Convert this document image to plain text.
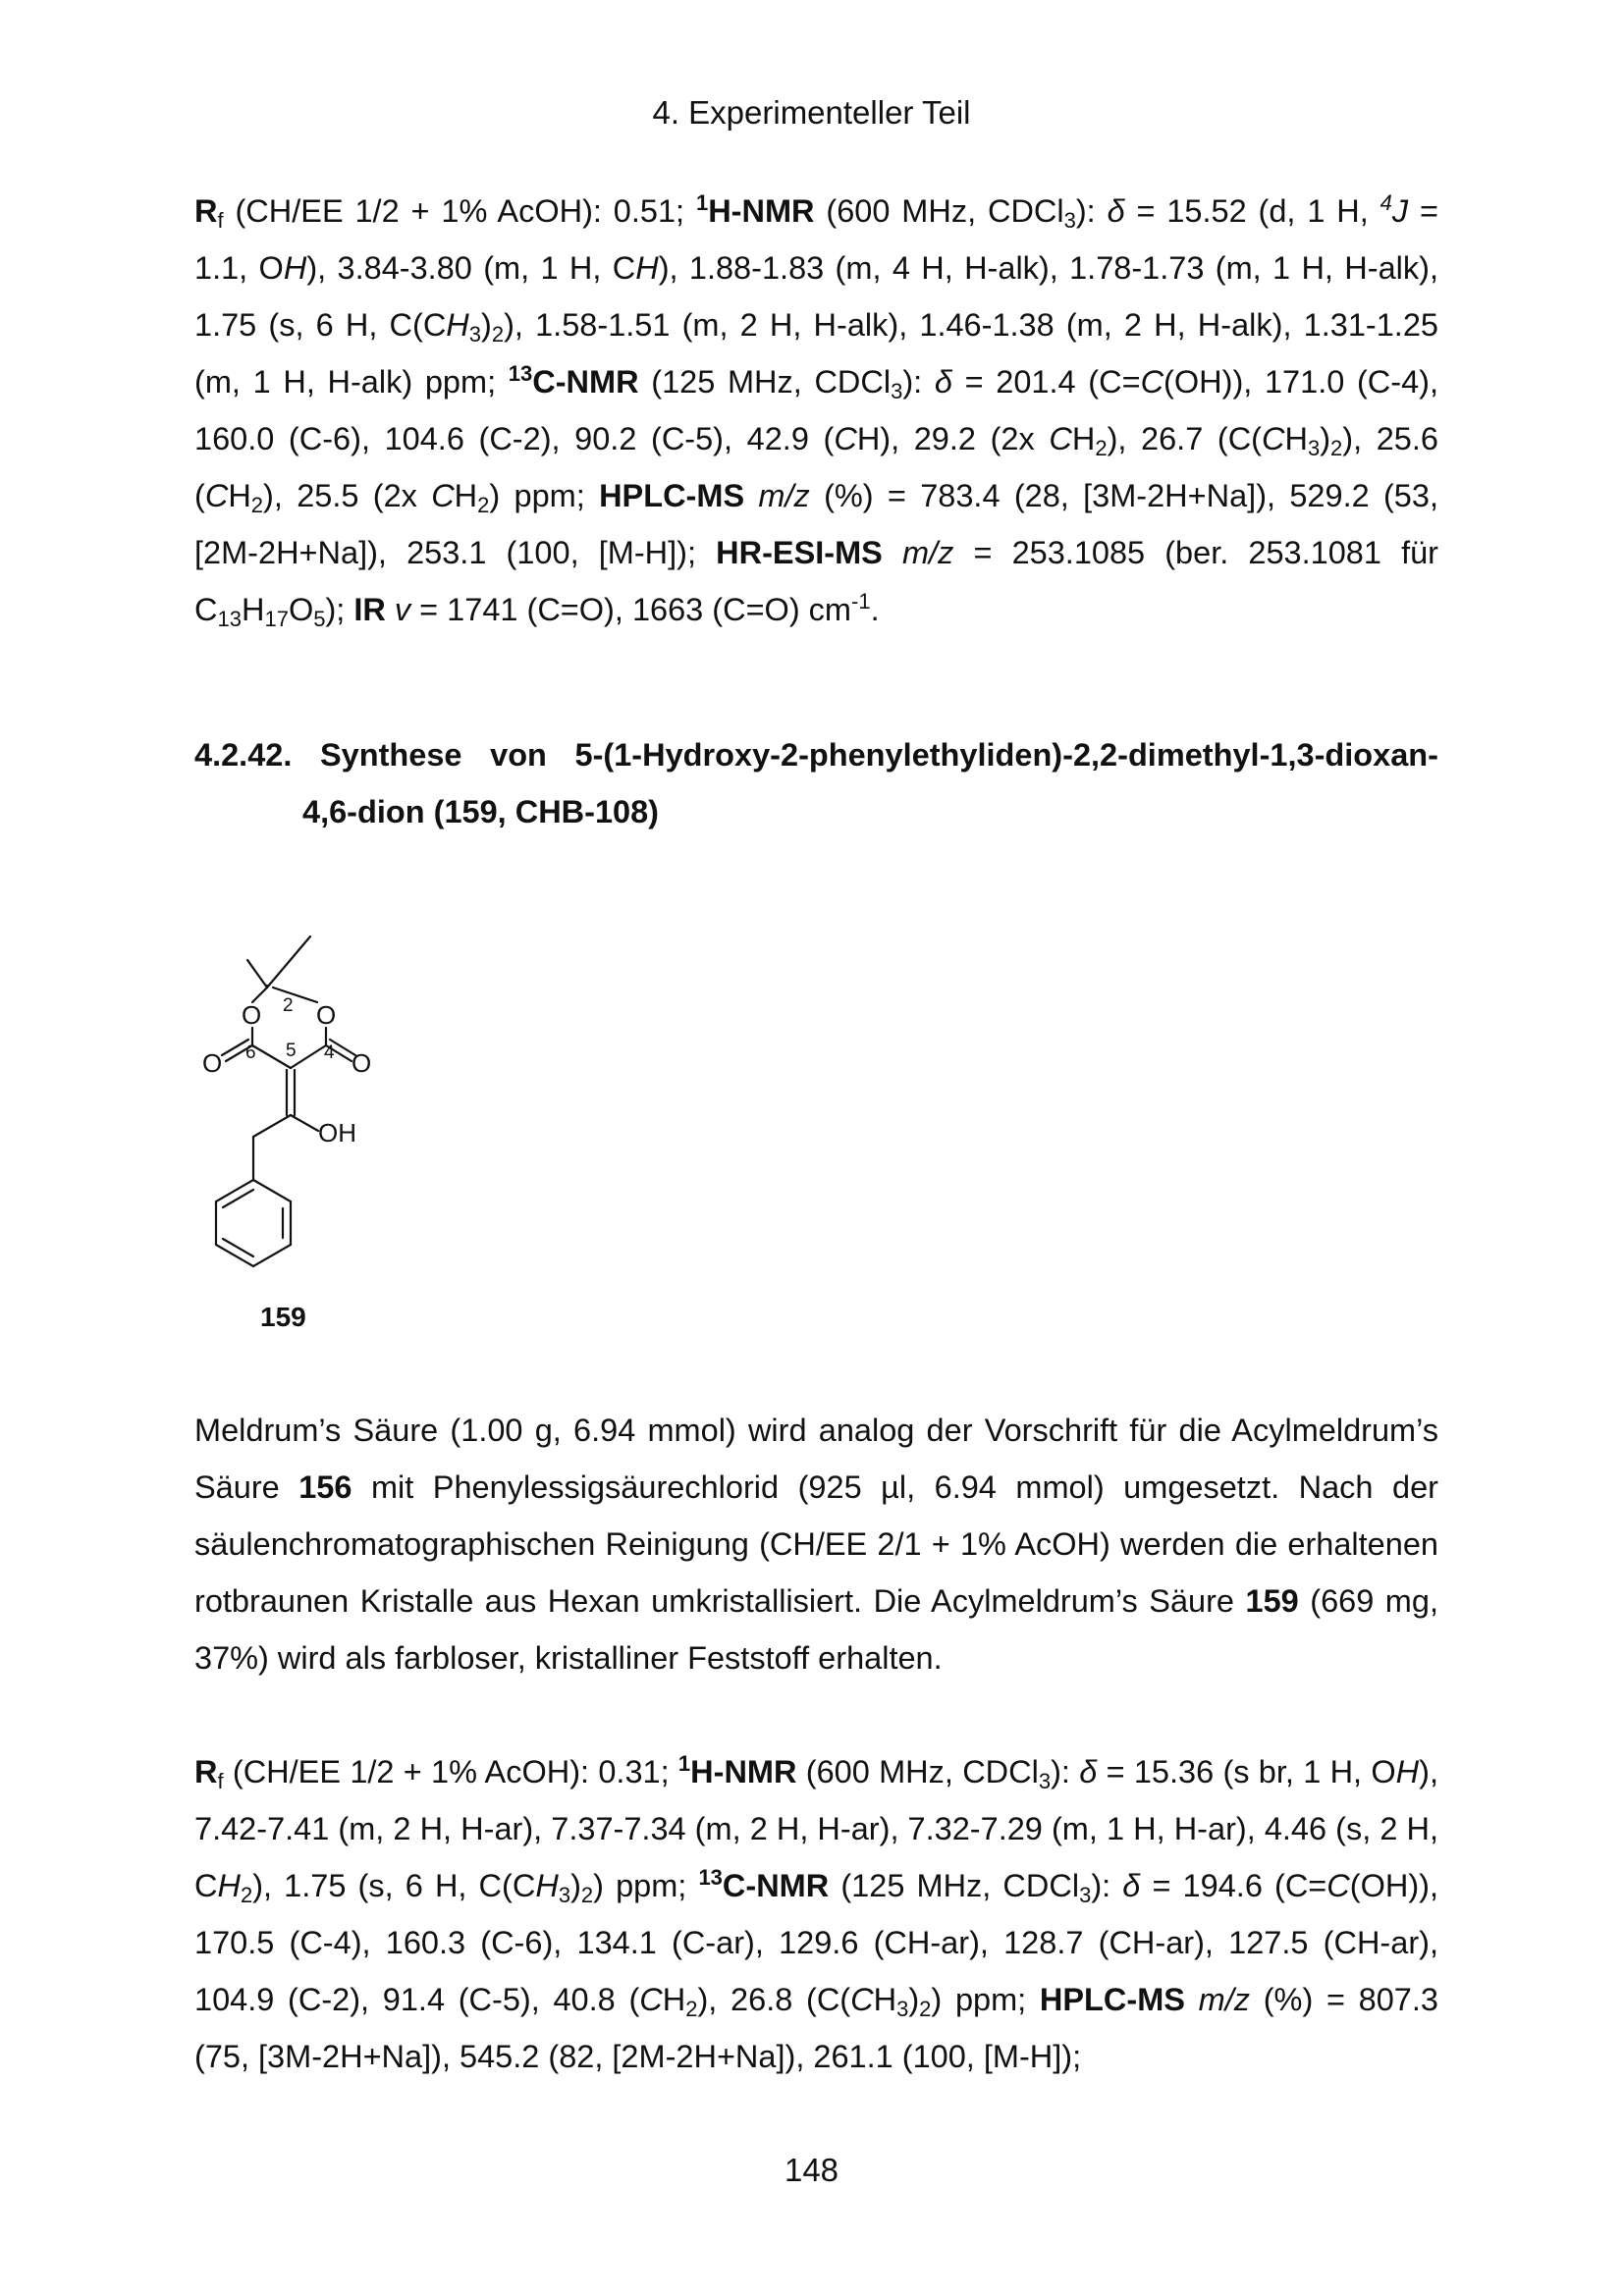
4. Experimenteller Teil
$R_f$ (CH/EE 1/2 + 1% AcOH): 0.51; $^1$H-NMR (600 MHz, CDCl$_3$): δ = 15.52 (d, 1 H, $^4$J = 1.1, OH), 3.84-3.80 (m, 1 H, CH), 1.88-1.83 (m, 4 H, H-alk), 1.78-1.73 (m, 1 H, H-alk), 1.75 (s, 6 H, $C(CH_3)_2$), 1.58-1.51 (m, 2 H, H-alk), 1.46-1.38 (m, 2 H, H-alk), 1.31-1.25 (m, 1 H, H-alk) ppm; $^{13}$C-NMR (125 MHz, CDCl$_3$): δ = 201.4 (C=C(OH)), 171.0 (C-4), 160.0 (C-6), 104.6 (C-2), 90.2 (C-5), 42.9 (CH), 29.2 (2x $CH_2$), 26.7 $(C(CH_3)_2)$, 25.6 $(CH_2)$, 25.5 (2x $CH_2$) ppm; HPLC-MS m/z (%) = 783.4 (28, [3M-2H+Na]), 529.2 (53, [2M-2H+Na]), 253.1 (100, [M-H]); HR-ESI-MS m/z = 253.1085 (ber. 253.1081 für $C_{13}H_{17}O_5$); IR v = 1741 (C=O), 1663 (C=O) $cm^{-1}$.
4.2.42. Synthese von 5-(1-Hydroxy-2-phenylethyliden)-2,2-dimethyl-1,3-dioxan-
4,6-dion (159, CHB-108)
O O
O	O
OH
2
4
5
6
159
Meldrum’s Säure (1.00 g, 6.94 mmol) wird analog der Vorschrift für die Acylmeldrum’s Säure 156 mit Phenylessigsäurechlorid (925 µl, 6.94 mmol) umgesetzt. Nach der säulenchromatographischen Reinigung (CH/EE 2/1 + 1% AcOH) werden die erhaltenen rotbraunen Kristalle aus Hexan umkristallisiert. Die Acylmeldrum’s Säure 159 (669 mg, 37%) wird als farbloser, kristalliner Feststoff erhalten.
$R_f$ (CH/EE 1/2 + 1% AcOH): 0.31; $^1$H-NMR (600 MHz, CDCl$_3$): δ = 15.36 (s br, 1 H, OH), 7.42-7.41 (m, 2 H, H-ar), 7.37-7.34 (m, 2 H, H-ar), 7.32-7.29 (m, 1 H, H-ar), 4.46 (s, 2 H, $CH_2$), 1.75 (s, 6 H, $C(CH_3)_2$) ppm; $^{13}$C-NMR (125 MHz, CDCl$_3$): δ = 194.6 (C=C(OH)), 170.5 (C-4), 160.3 (C-6), 134.1 (C-ar), 129.6 (CH-ar), 128.7 (CH-ar), 127.5 (CH-ar), 104.9 (C-2), 91.4 (C-5), 40.8 $(CH_2)$, 26.8 $(C(CH_3)_2)$ ppm; HPLC-MS m/z (%) = 807.3 (75, [3M-2H+Na]), 545.2 (82, [2M-2H+Na]), 261.1 (100, [M-H]);
148
